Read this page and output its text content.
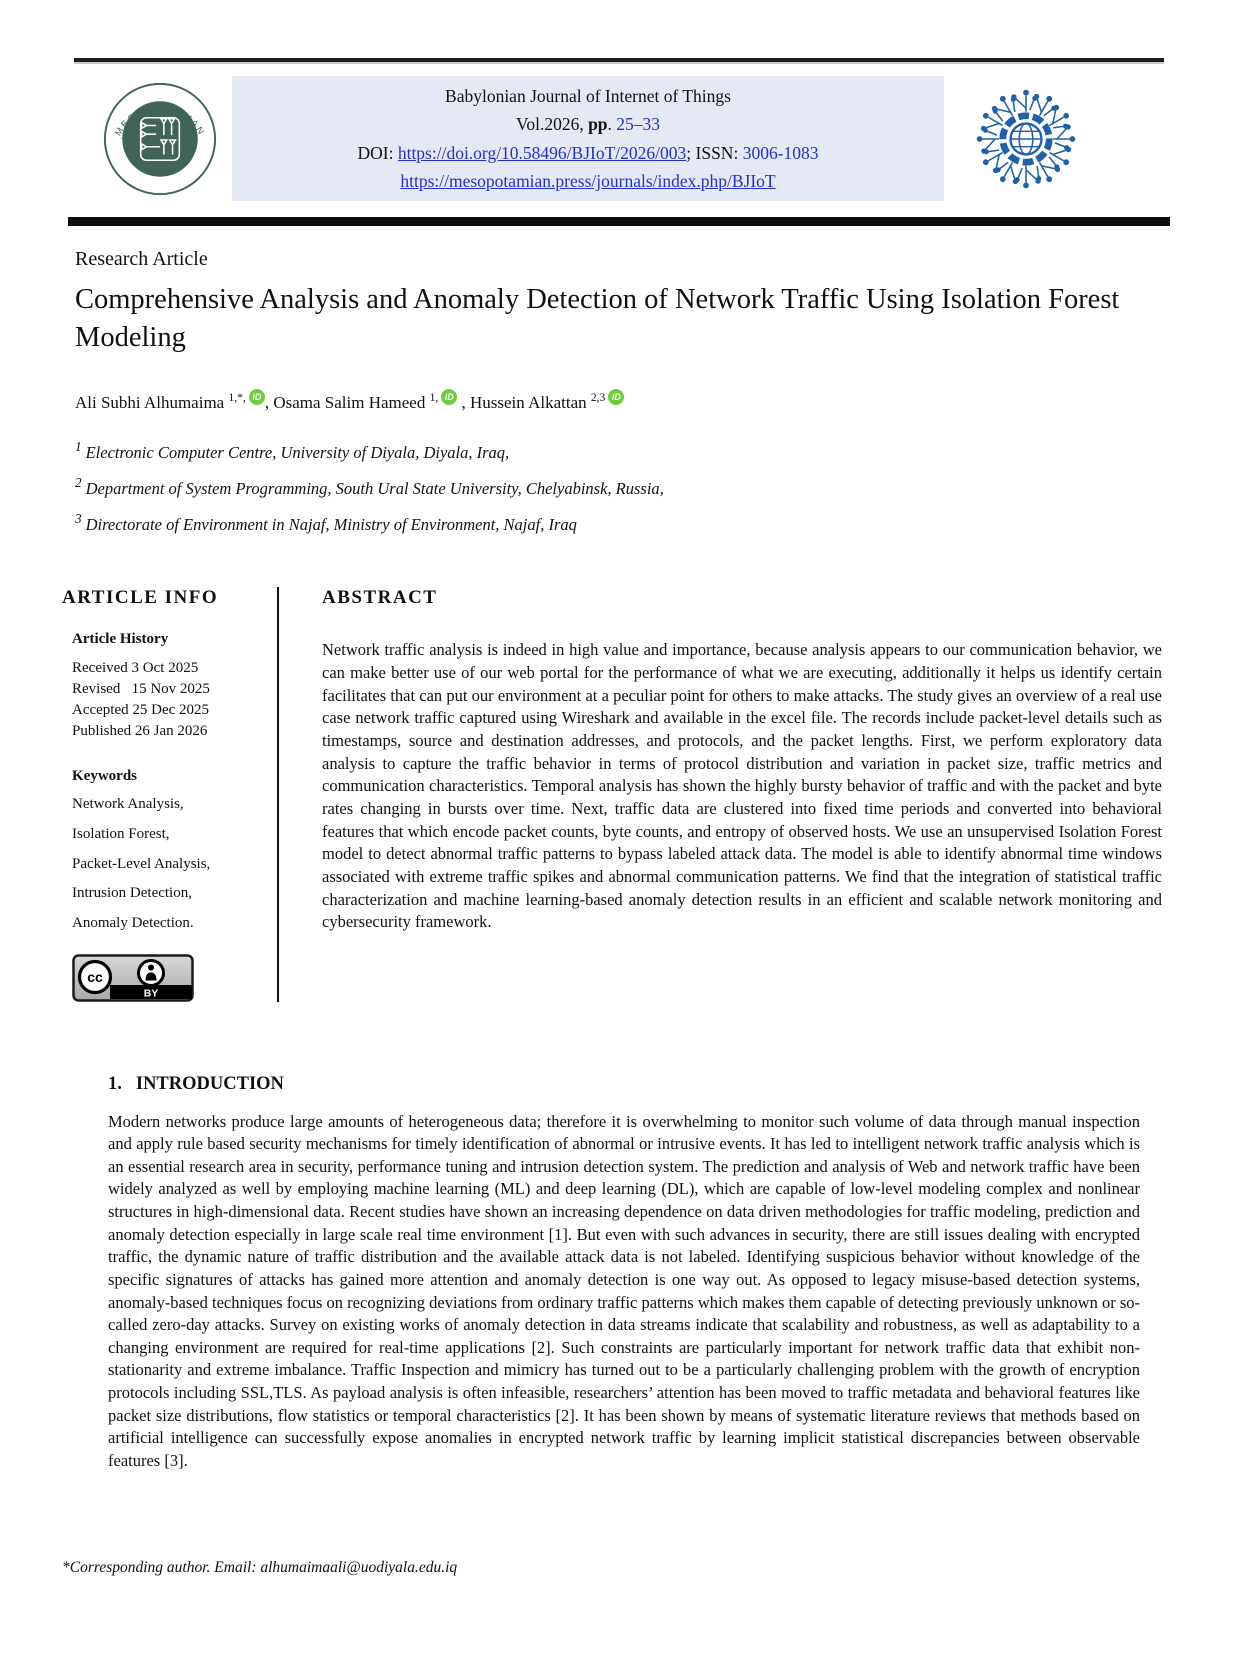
MESOPOTAMIAN
ACADEMIC PRESS
Babylonian Journal of Internet of Things
Vol.2026, pp. 25–33
DOI: https://doi.org/10.58496/BJIoT/2026/003; ISSN: 3006-1083
https://mesopotamian.press/journals/index.php/BJIoT
Research Article
Comprehensive Analysis and Anomaly Detection of Network Traffic Using Isolation Forest Modeling
Ali Subhi Alhumaima $^{1,*,}$ iD , Osama Salim Hameed $^{1,}$ iD , Hussein Alkattan $^{2,3}$ iD
$^1$ Electronic Computer Centre, University of Diyala, Diyala, Iraq,
$^2$ Department of System Programming, South Ural State University, Chelyabinsk, Russia,
$^3$ Directorate of Environment in Najaf, Ministry of Environment, Najaf, Iraq
ARTICLE INFO
Article History
Received 3 Oct 2025
Revised   15 Nov 2025
Accepted 25 Dec 2025
Published 26 Jan 2026
Keywords
Network Analysis,
Isolation Forest,
Packet-Level Analysis,
Intrusion Detection,
Anomaly Detection.
cc
BY
ABSTRACT
Network traffic analysis is indeed in high value and importance, because analysis appears to our communication behavior, we can make better use of our web portal for the performance of what we are executing, additionally it helps us identify certain facilitates that can put our environment at a peculiar point for others to make attacks. The study gives an overview of a real use case network traffic captured using Wireshark and available in the excel file. The records include packet-level details such as timestamps, source and destination addresses, and protocols, and the packet lengths. First, we perform exploratory data analysis to capture the traffic behavior in terms of protocol distribution and variation in packet size, traffic metrics and communication characteristics. Temporal analysis has shown the highly bursty behavior of traffic and with the packet and byte rates changing in bursts over time. Next, traffic data are clustered into fixed time periods and converted into behavioral features that which encode packet counts, byte counts, and entropy of observed hosts. We use an unsupervised Isolation Forest model to detect abnormal traffic patterns to bypass labeled attack data. The model is able to identify abnormal time windows associated with extreme traffic spikes and abnormal communication patterns. We find that the integration of statistical traffic characterization and machine learning-based anomaly detection results in an efficient and scalable network monitoring and cybersecurity framework.
1. INTRODUCTION
Modern networks produce large amounts of heterogeneous data; therefore it is overwhelming to monitor such volume of data through manual inspection and apply rule based security mechanisms for timely identification of abnormal or intrusive events. It has led to intelligent network traffic analysis which is an essential research area in security, performance tuning and intrusion detection system. The prediction and analysis of Web and network traffic have been widely analyzed as well by employing machine learning (ML) and deep learning (DL), which are capable of low-level modeling complex and nonlinear structures in high-dimensional data. Recent studies have shown an increasing dependence on data driven methodologies for traffic modeling, prediction and anomaly detection especially in large scale real time environment [1]. But even with such advances in security, there are still issues dealing with encrypted traffic, the dynamic nature of traffic distribution and the available attack data is not labeled. Identifying suspicious behavior without knowledge of the specific signatures of attacks has gained more attention and anomaly detection is one way out. As opposed to legacy misuse-based detection systems, anomaly-based techniques focus on recognizing deviations from ordinary traffic patterns which makes them capable of detecting previously unknown or so-called zero-day attacks. Survey on existing works of anomaly detection in data streams indicate that scalability and robustness, as well as adaptability to a changing environment are required for real-time applications [2]. Such constraints are particularly important for network traffic data that exhibit non-stationarity and extreme imbalance. Traffic Inspection and mimicry has turned out to be a particularly challenging problem with the growth of encryption protocols including SSL,TLS. As payload analysis is often infeasible, researchers’ attention has been moved to traffic metadata and behavioral features like packet size distributions, flow statistics or temporal characteristics [2]. It has been shown by means of systematic literature reviews that methods based on artificial intelligence can successfully expose anomalies in encrypted network traffic by learning implicit statistical discrepancies between observable features [3].
*Corresponding author. Email: alhumaimaali@uodiyala.edu.iq
